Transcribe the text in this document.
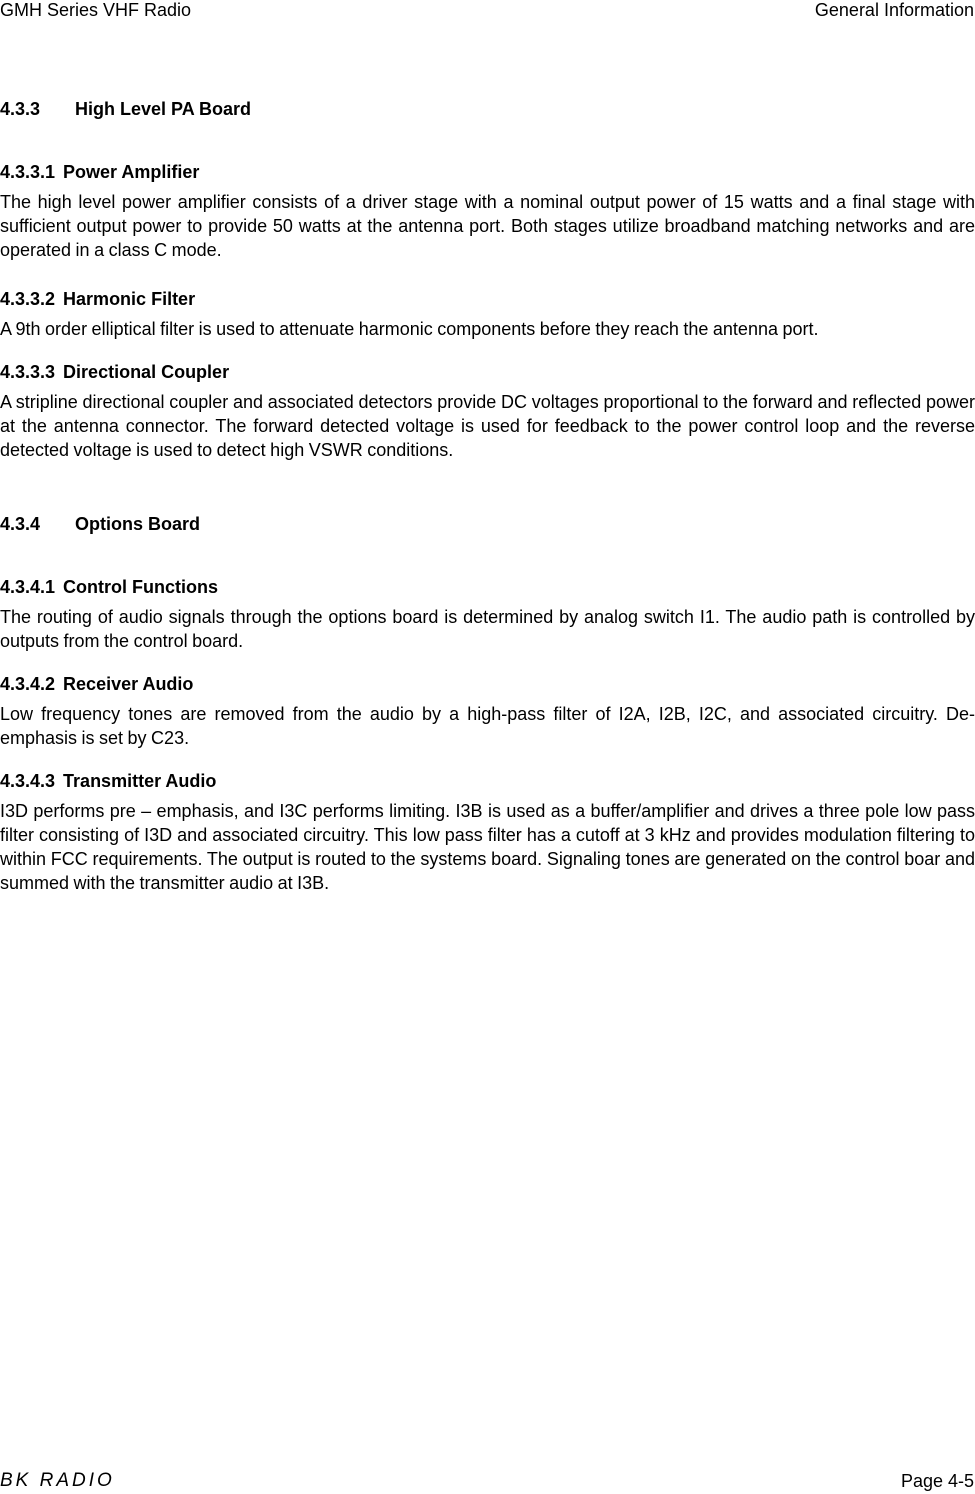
GMH Series VHF Radio	General Information
4.3.3	High Level PA Board
4.3.3.1 Power Amplifier

The high level power amplifier consists of a driver stage with a nominal output power of 15 watts and a final stage with sufficient output power to provide 50 watts at the antenna port. Both stages utilize broadband matching networks and are operated in a class C mode.

4.3.3.2 Harmonic Filter

A 9th order elliptical filter is used to attenuate harmonic components before they reach the antenna port.

4.3.3.3 Directional Coupler

A stripline directional coupler and associated detectors provide DC voltages proportional to the forward and reflected power at the antenna connector. The forward detected voltage is used for feedback to the power control loop and the reverse detected voltage is used to detect high VSWR conditions.

4.3.4	Options Board
4.3.4.1 Control Functions

The routing of audio signals through the options board is determined by analog switch I1. The audio path is controlled by outputs from the control board.

4.3.4.2 Receiver Audio

Low frequency tones are removed from the audio by a high-pass filter of I2A, I2B, I2C, and associated circuitry. De-emphasis is set by C23.

4.3.4.3 Transmitter Audio

I3D performs pre – emphasis, and I3C performs limiting. I3B is used as a buffer/amplifier and drives a three pole low pass filter consisting of I3D and associated circuitry. This low pass filter has a cutoff at 3 kHz and provides modulation filtering to within FCC requirements. The output is routed to the systems board. Signaling tones are generated on the control boar and summed with the transmitter audio at I3B.

BK RADIO	Page 4-5
